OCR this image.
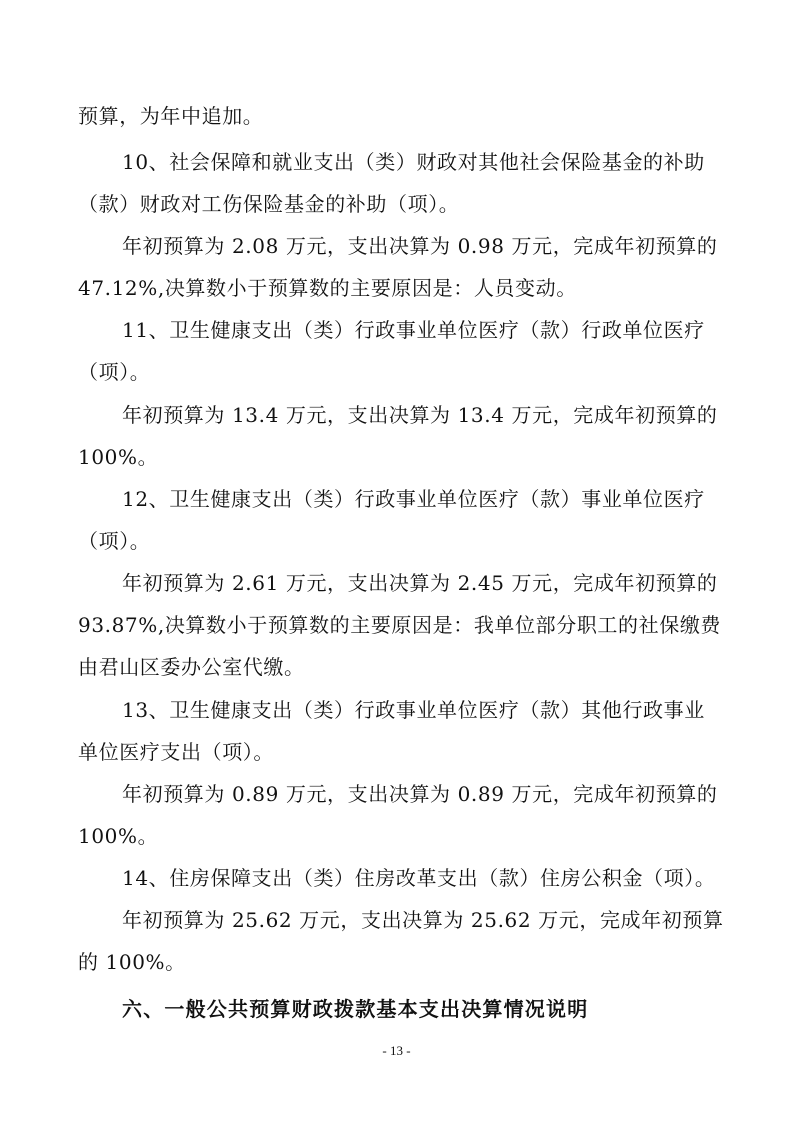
预算，为年中追加。
10、社会保障和就业支出（类）财政对其他社会保险基金的补助
（款）财政对工伤保险基金的补助（项）。
年初预算为 2.08 万元，支出决算为 0.98 万元，完成年初预算的
47.12%,决算数小于预算数的主要原因是：人员变动。
11、卫生健康支出（类）行政事业单位医疗（款）行政单位医疗
（项）。
年初预算为 13.4 万元，支出决算为 13.4 万元，完成年初预算的
100%。
12、卫生健康支出（类）行政事业单位医疗（款）事业单位医疗
（项）。
年初预算为 2.61 万元，支出决算为 2.45 万元，完成年初预算的
93.87%,决算数小于预算数的主要原因是：我单位部分职工的社保缴费
由君山区委办公室代缴。
13、卫生健康支出（类）行政事业单位医疗（款）其他行政事业
单位医疗支出（项）。
年初预算为 0.89 万元，支出决算为 0.89 万元，完成年初预算的
100%。
14、住房保障支出（类）住房改革支出（款）住房公积金（项）。
年初预算为 25.62 万元，支出决算为 25.62 万元，完成年初预算
的 100%。
六、一般公共预算财政拨款基本支出决算情况说明
- 13 -
